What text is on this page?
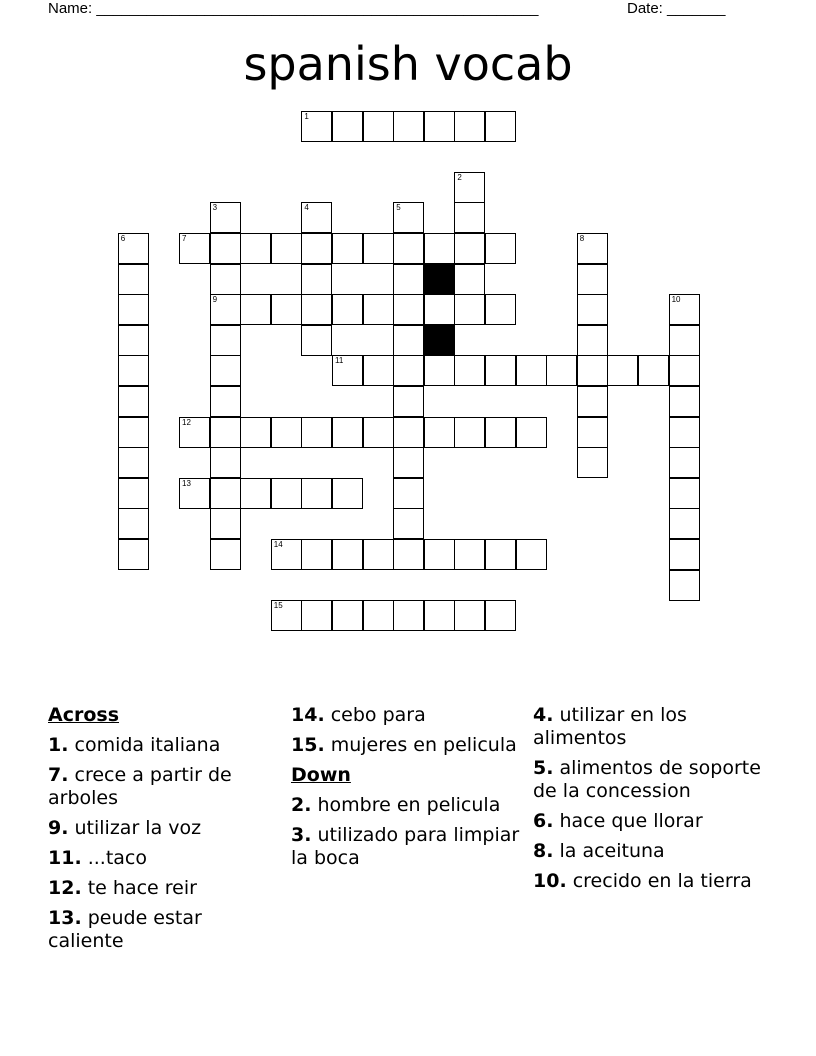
Name: _____________________________________________________	Date: _______
spanish vocab
1
2
3
9
4	5
6	7	8
10
11
12
13
14
15
Across
1. comida italiana
7. crece a partir de arboles
9. utilizar la voz
11. ...taco
12. te hace reir
13. peude estar caliente
14. cebo para
15. mujeres en pelicula
Down
2. hombre en pelicula
3. utilizado para limpiar la boca
4. utilizar en los alimentos
5. alimentos de soporte de la concession
6. hace que llorar
8. la aceituna
10. crecido en la tierra
